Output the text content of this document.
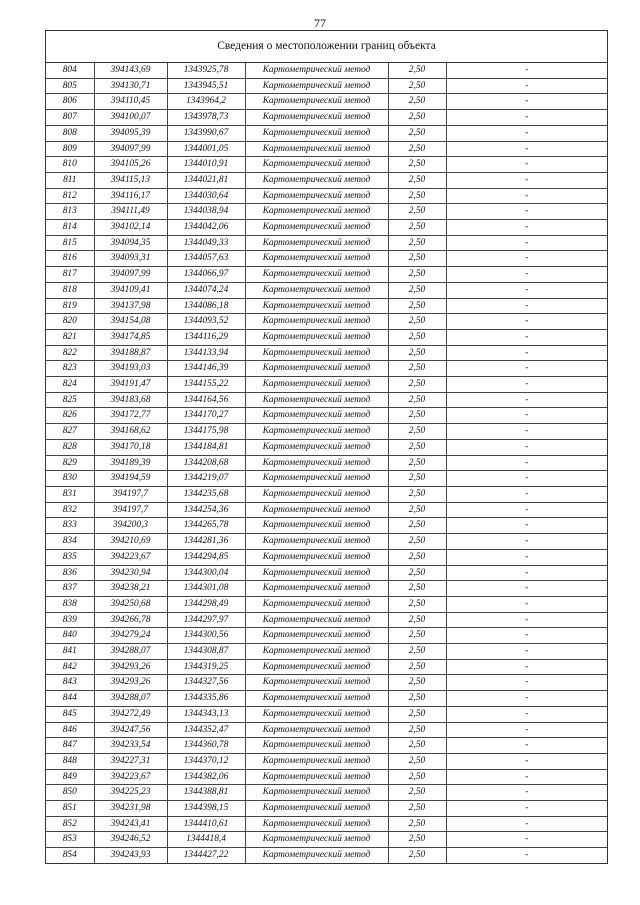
77
Сведения о местоположении границ объекта
804	394143,69	1343925,78	Картометрический метод	2,50	-
805	394130,71	1343945,51	Картометрический метод	2,50	-
806	394110,45	1343964,2	Картометрический метод	2,50	-
807	394100,07	1343978,73	Картометрический метод	2,50	-
808	394095,39	1343990,67	Картометрический метод	2,50	-
809	394097,99	1344001,05	Картометрический метод	2,50	-
810	394105,26	1344010,91	Картометрический метод	2,50	-
811	394115,13	1344021,81	Картометрический метод	2,50	-
812	394116,17	1344030,64	Картометрический метод	2,50	-
813	394111,49	1344038,94	Картометрический метод	2,50	-
814	394102,14	1344042,06	Картометрический метод	2,50	-
815	394094,35	1344049,33	Картометрический метод	2,50	-
816	394093,31	1344057,63	Картометрический метод	2,50	-
817	394097,99	1344066,97	Картометрический метод	2,50	-
818	394109,41	1344074,24	Картометрический метод	2,50	-
819	394137,98	1344086,18	Картометрический метод	2,50	-
820	394154,08	1344093,52	Картометрический метод	2,50	-
821	394174,85	1344116,29	Картометрический метод	2,50	-
822	394188,87	1344133,94	Картометрический метод	2,50	-
823	394193,03	1344146,39	Картометрический метод	2,50	-
824	394191,47	1344155,22	Картометрический метод	2,50	-
825	394183,68	1344164,56	Картометрический метод	2,50	-
826	394172,77	1344170,27	Картометрический метод	2,50	-
827	394168,62	1344175,98	Картометрический метод	2,50	-
828	394170,18	1344184,81	Картометрический метод	2,50	-
829	394189,39	1344208,68	Картометрический метод	2,50	-
830	394194,59	1344219,07	Картометрический метод	2,50	-
831	394197,7	1344235,68	Картометрический метод	2,50	-
832	394197,7	1344254,36	Картометрический метод	2,50	-
833	394200,3	1344265,78	Картометрический метод	2,50	-
834	394210,69	1344281,36	Картометрический метод	2,50	-
835	394223,67	1344294,85	Картометрический метод	2,50	-
836	394230,94	1344300,04	Картометрический метод	2,50	-
837	394238,21	1344301,08	Картометрический метод	2,50	-
838	394250,68	1344298,49	Картометрический метод	2,50	-
839	394266,78	1344297,97	Картометрический метод	2,50	-
840	394279,24	1344300,56	Картометрический метод	2,50	-
841	394288,07	1344308,87	Картометрический метод	2,50	-
842	394293,26	1344319,25	Картометрический метод	2,50	-
843	394293,26	1344327,56	Картометрический метод	2,50	-
844	394288,07	1344335,86	Картометрический метод	2,50	-
845	394272,49	1344343,13	Картометрический метод	2,50	-
846	394247,56	1344352,47	Картометрический метод	2,50	-
847	394233,54	1344360,78	Картометрический метод	2,50	-
848	394227,31	1344370,12	Картометрический метод	2,50	-
849	394223,67	1344382,06	Картометрический метод	2,50	-
850	394225,23	1344388,81	Картометрический метод	2,50	-
851	394231,98	1344398,15	Картометрический метод	2,50	-
852	394243,41	1344410,61	Картометрический метод	2,50	-
853	394246,52	1344418,4	Картометрический метод	2,50	-
854	394243,93	1344427,22	Картометрический метод	2,50	-
